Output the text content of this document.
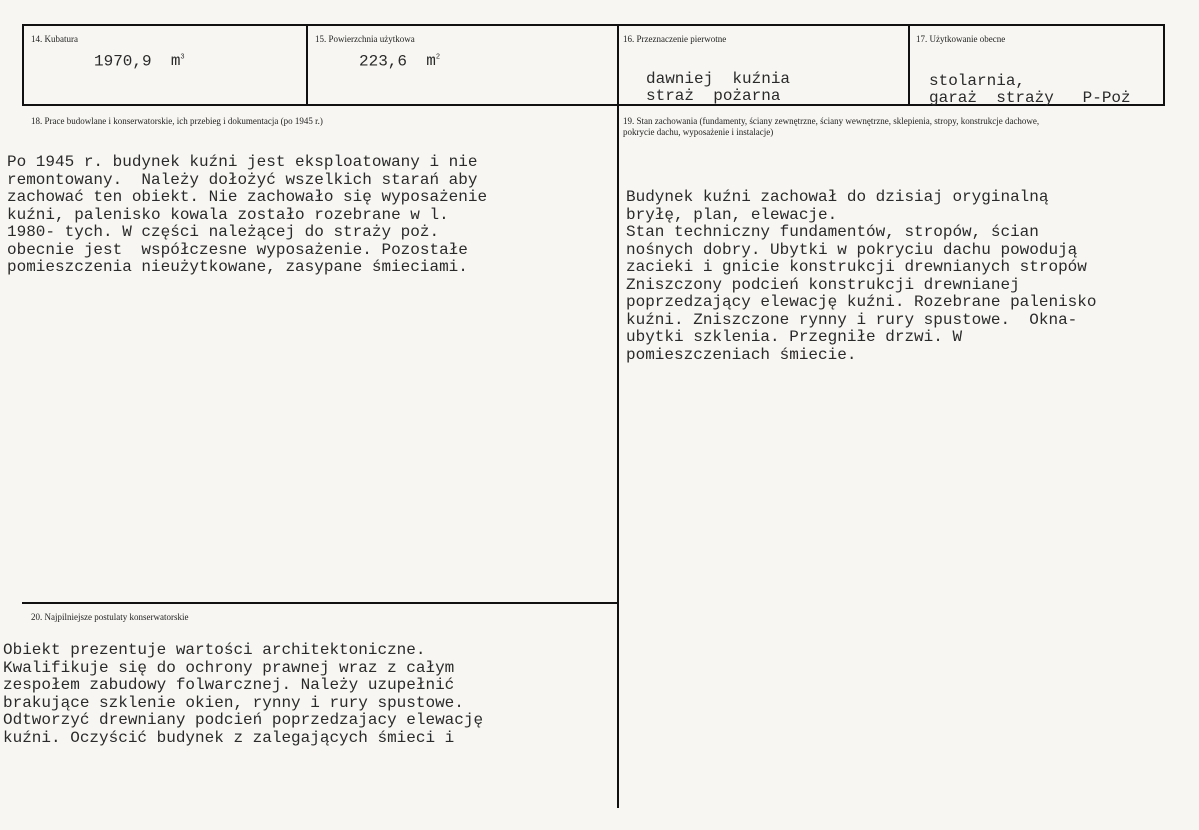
14. Kubatura
1970,9 $m^3$
15. Powierzchnia użytkowa
223,6 $m^2$
16. Przeznaczenie pierwotne
dawniej  kuźnia
straż  pożarna
17. Użytkowanie obecne
stolarnia,
garaż  straży   P-Poż
18. Prace budowlane i konserwatorskie, ich przebieg i dokumentacja (po 1945 r.)
Po 1945 r. budynek kuźni jest eksploatowany i nie
remontowany.  Należy dołożyć wszelkich starań aby
zachować ten obiekt. Nie zachowało się wyposażenie
kuźni, palenisko kowala zostało rozebrane w l.
1980- tych. W części należącej do straży poż.
obecnie jest  współczesne wyposażenie. Pozostałe
pomieszczenia nieużytkowane, zasypane śmieciami.
19. Stan zachowania (fundamenty, ściany zewnętrzne, ściany wewnętrzne, sklepienia, stropy, konstrukcje dachowe,
pokrycie dachu, wyposażenie i instalacje)
Budynek kuźni zachował do dzisiaj oryginalną
bryłę, plan, elewacje.
Stan techniczny fundamentów, stropów, ścian
nośnych dobry. Ubytki w pokryciu dachu powodują
zacieki i gnicie konstrukcji drewnianych stropów
Zniszczony podcień konstrukcji drewnianej
poprzedzający elewację kuźni. Rozebrane palenisko
kuźni. Zniszczone rynny i rury spustowe.  Okna-
ubytki szklenia. Przegniłe drzwi. W
pomieszczeniach śmiecie.
20. Najpilniejsze postulaty konserwatorskie
Obiekt prezentuje wartości architektoniczne.
Kwalifikuje się do ochrony prawnej wraz z całym
zespołem zabudowy folwarcznej. Należy uzupełnić
brakujące szklenie okien, rynny i rury spustowe.
Odtworzyć drewniany podcień poprzedzajacy elewację
kuźni. Oczyścić budynek z zalegających śmieci i
